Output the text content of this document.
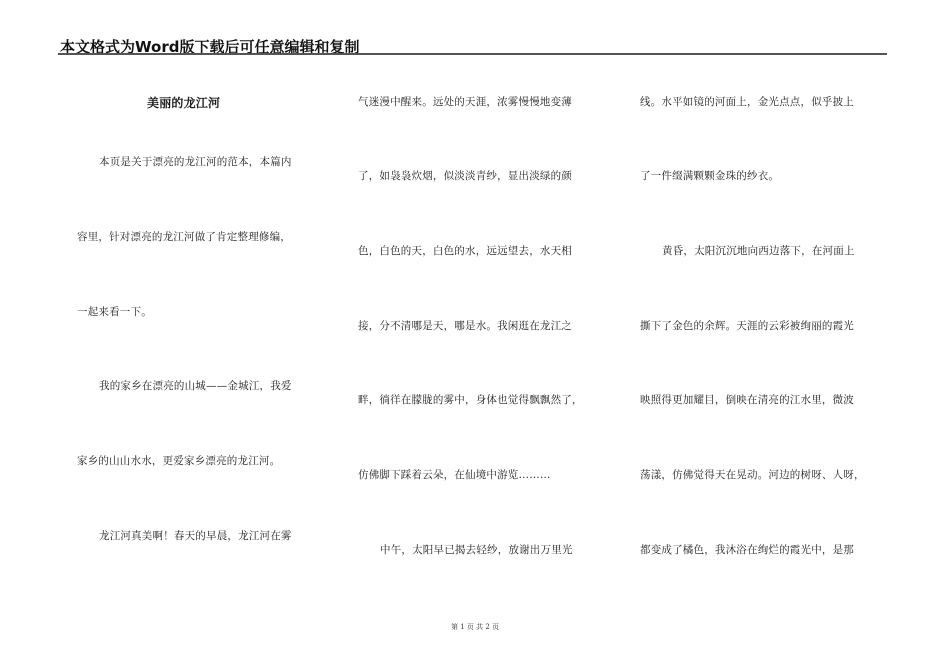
本文格式为Word版下载后可任意编辑和复制
美丽的龙江河
本页是关于漂亮的龙江河的范本，本篇内
容里，针对漂亮的龙江河做了肯定整理修编，
一起来看一下。
我的家乡在漂亮的山城——金城江，我爱
家乡的山山水水，更爱家乡漂亮的龙江河。
龙江河真美啊！春天的早晨，龙江河在雾
气迷漫中醒来。远处的天涯，浓雾慢慢地变薄
了，如袅袅炊烟，似淡淡青纱，显出淡绿的颜
色，白色的天，白色的水，远远望去，水天相
接，分不清哪是天，哪是水。我闲逛在龙江之
畔，徜徉在朦胧的雾中，身体也觉得飘飘然了，
仿佛脚下踩着云朵，在仙境中游览………
中午，太阳早已揭去轻纱，放谢出万里光
线。水平如镜的河面上，金光点点，似乎披上
了一件缀满颗颗金珠的纱衣。
黄昏，太阳沉沉地向西边落下，在河面上
撕下了金色的余辉。天涯的云彩被绚丽的霞光
映照得更加耀目，倒映在清亮的江水里，微波
荡漾，仿佛觉得天在晃动。河边的树呀、人呀，
都变成了橘色，我沐浴在绚烂的霞光中，是那
第 1 页 共 2 页
